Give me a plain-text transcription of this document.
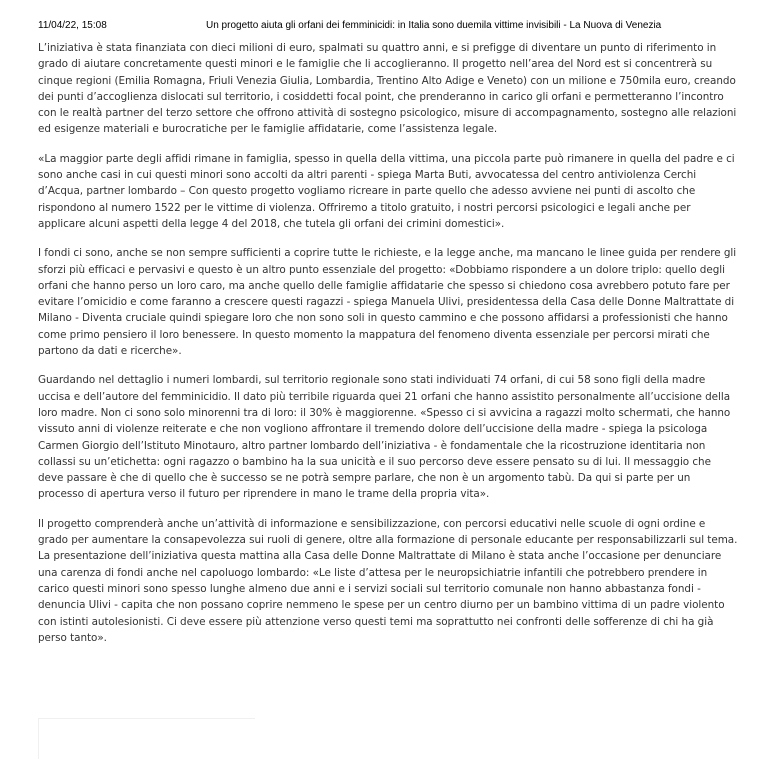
11/04/22, 15:08	Un progetto aiuta gli orfani dei femminicidi: in Italia sono duemila vittime invisibili - La Nuova di Venezia

L’iniziativa è stata finanziata con dieci milioni di euro, spalmati su quattro anni, e si prefigge di diventare un punto di riferimento in grado di aiutare concretamente questi minori e le famiglie che li accoglieranno. Il progetto nell’area del Nord est si concentrerà su cinque regioni (Emilia Romagna, Friuli Venezia Giulia, Lombardia, Trentino Alto Adige e Veneto) con un milione e 750mila euro, creando dei punti d’accoglienza dislocati sul territorio, i cosiddetti focal point, che prenderanno in carico gli orfani e permetteranno l’incontro con le realtà partner del terzo settore che offrono attività di sostegno psicologico, misure di accompagnamento, sostegno alle relazioni ed esigenze materiali e burocratiche per le famiglie affidatarie, come l’assistenza legale.

«La maggior parte degli affidi rimane in famiglia, spesso in quella della vittima, una piccola parte può rimanere in quella del padre e ci sono anche casi in cui questi minori sono accolti da altri parenti - spiega Marta Buti, avvocatessa del centro antiviolenza Cerchi d’Acqua, partner lombardo – Con questo progetto vogliamo ricreare in parte quello che adesso avviene nei punti di ascolto che rispondono al numero 1522 per le vittime di violenza. Offriremo a titolo gratuito, i nostri percorsi psicologici e legali anche per applicare alcuni aspetti della legge 4 del 2018, che tutela gli orfani dei crimini domestici».

I fondi ci sono, anche se non sempre sufficienti a coprire tutte le richieste, e la legge anche, ma mancano le linee guida per rendere gli sforzi più efficaci e pervasivi e questo è un altro punto essenziale del progetto: «Dobbiamo rispondere a un dolore triplo: quello degli orfani che hanno perso un loro caro, ma anche quello delle famiglie affidatarie che spesso si chiedono cosa avrebbero potuto fare per evitare l’omicidio e come faranno a crescere questi ragazzi - spiega Manuela Ulivi, presidentessa della Casa delle Donne Maltrattate di Milano - Diventa cruciale quindi spiegare loro che non sono soli in questo cammino e che possono affidarsi a professionisti che hanno come primo pensiero il loro benessere. In questo momento la mappatura del fenomeno diventa essenziale per percorsi mirati che partono da dati e ricerche».

Guardando nel dettaglio i numeri lombardi, sul territorio regionale sono stati individuati 74 orfani, di cui 58 sono figli della madre uccisa e dell’autore del femminicidio. Il dato più terribile riguarda quei 21 orfani che hanno assistito personalmente all’uccisione della loro madre. Non ci sono solo minorenni tra di loro: il 30% è maggiorenne. «Spesso ci si avvicina a ragazzi molto schermati, che hanno vissuto anni di violenze reiterate e che non vogliono affrontare il tremendo dolore dell’uccisione della madre - spiega la psicologa Carmen Giorgio dell’Istituto Minotauro, altro partner lombardo dell’iniziativa - è fondamentale che la ricostruzione identitaria non collassi su un’etichetta: ogni ragazzo o bambino ha la sua unicità e il suo percorso deve essere pensato su di lui. Il messaggio che deve passare è che di quello che è successo se ne potrà sempre parlare, che non è un argomento tabù. Da qui si parte per un processo di apertura verso il futuro per riprendere in mano le trame della propria vita».

Il progetto comprenderà anche un’attività di informazione e sensibilizzazione, con percorsi educativi nelle scuole di ogni ordine e grado per aumentare la consapevolezza sui ruoli di genere, oltre alla formazione di personale educante per responsabilizzarli sul tema. La presentazione dell’iniziativa questa mattina alla Casa delle Donne Maltrattate di Milano è stata anche l’occasione per denunciare una carenza di fondi anche nel capoluogo lombardo: «Le liste d’attesa per le neuropsichiatrie infantili che potrebbero prendere in carico questi minori sono spesso lunghe almeno due anni e i servizi sociali sul territorio comunale non hanno abbastanza fondi - denuncia Ulivi - capita che non possano coprire nemmeno le spese per un centro diurno per un bambino vittima di un padre violento con istinti autolesionisti. Ci deve essere più attenzione verso questi temi ma soprattutto nei confronti delle sofferenze di chi ha già perso tanto».
